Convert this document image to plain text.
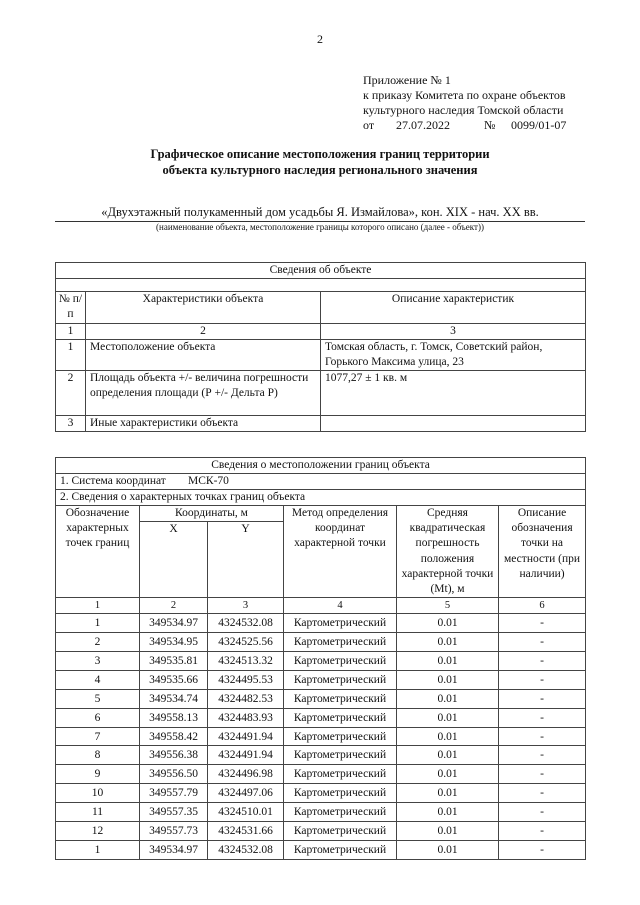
2
Приложение № 1
к приказу Комитета по охране объектов
культурного наследия Томской области
от 27.07.2022	№ 0099/01-07
Графическое описание местоположения границ территории
объекта культурного наследия регионального значения
«Двухэтажный полукаменный дом усадьбы Я. Измайлова», кон. XIX - нач. XX вв.
(наименование объекта, местоположение границы которого описано (далее - объект))
Сведения об объекте		

№ п/п	Характеристики объекта	Описание характеристик
1	2	3
1	Местоположение объекта	Томская область, г. Томск, Советский район, Горького Максима улица, 23
2	Площадь объекта +/- величина погрешности определения площади (Р +/- Дельта Р)	1077,27 ± 1 кв. м
3	Иные характеристики объекта	
Сведения о местоположении границ объекта					
1. Система координат МСК-70					
2. Сведения о характерных точках границ объекта					
Обозначение характерных точек границ	Координаты, м		Метод определения координат характерной точки	Средняя квадратическая погрешность положения характерной точки (Mt), м	Описание обозначения точки на местности (при наличии)
	X	Y			
1	2	3	4	5	6
1	349534.97	4324532.08	Картометрический	0.01	-
2	349534.95	4324525.56	Картометрический	0.01	-
3	349535.81	4324513.32	Картометрический	0.01	-
4	349535.66	4324495.53	Картометрический	0.01	-
5	349534.74	4324482.53	Картометрический	0.01	-
6	349558.13	4324483.93	Картометрический	0.01	-
7	349558.42	4324491.94	Картометрический	0.01	-
8	349556.38	4324491.94	Картометрический	0.01	-
9	349556.50	4324496.98	Картометрический	0.01	-
10	349557.79	4324497.06	Картометрический	0.01	-
11	349557.35	4324510.01	Картометрический	0.01	-
12	349557.73	4324531.66	Картометрический	0.01	-
1	349534.97	4324532.08	Картометрический	0.01	-
